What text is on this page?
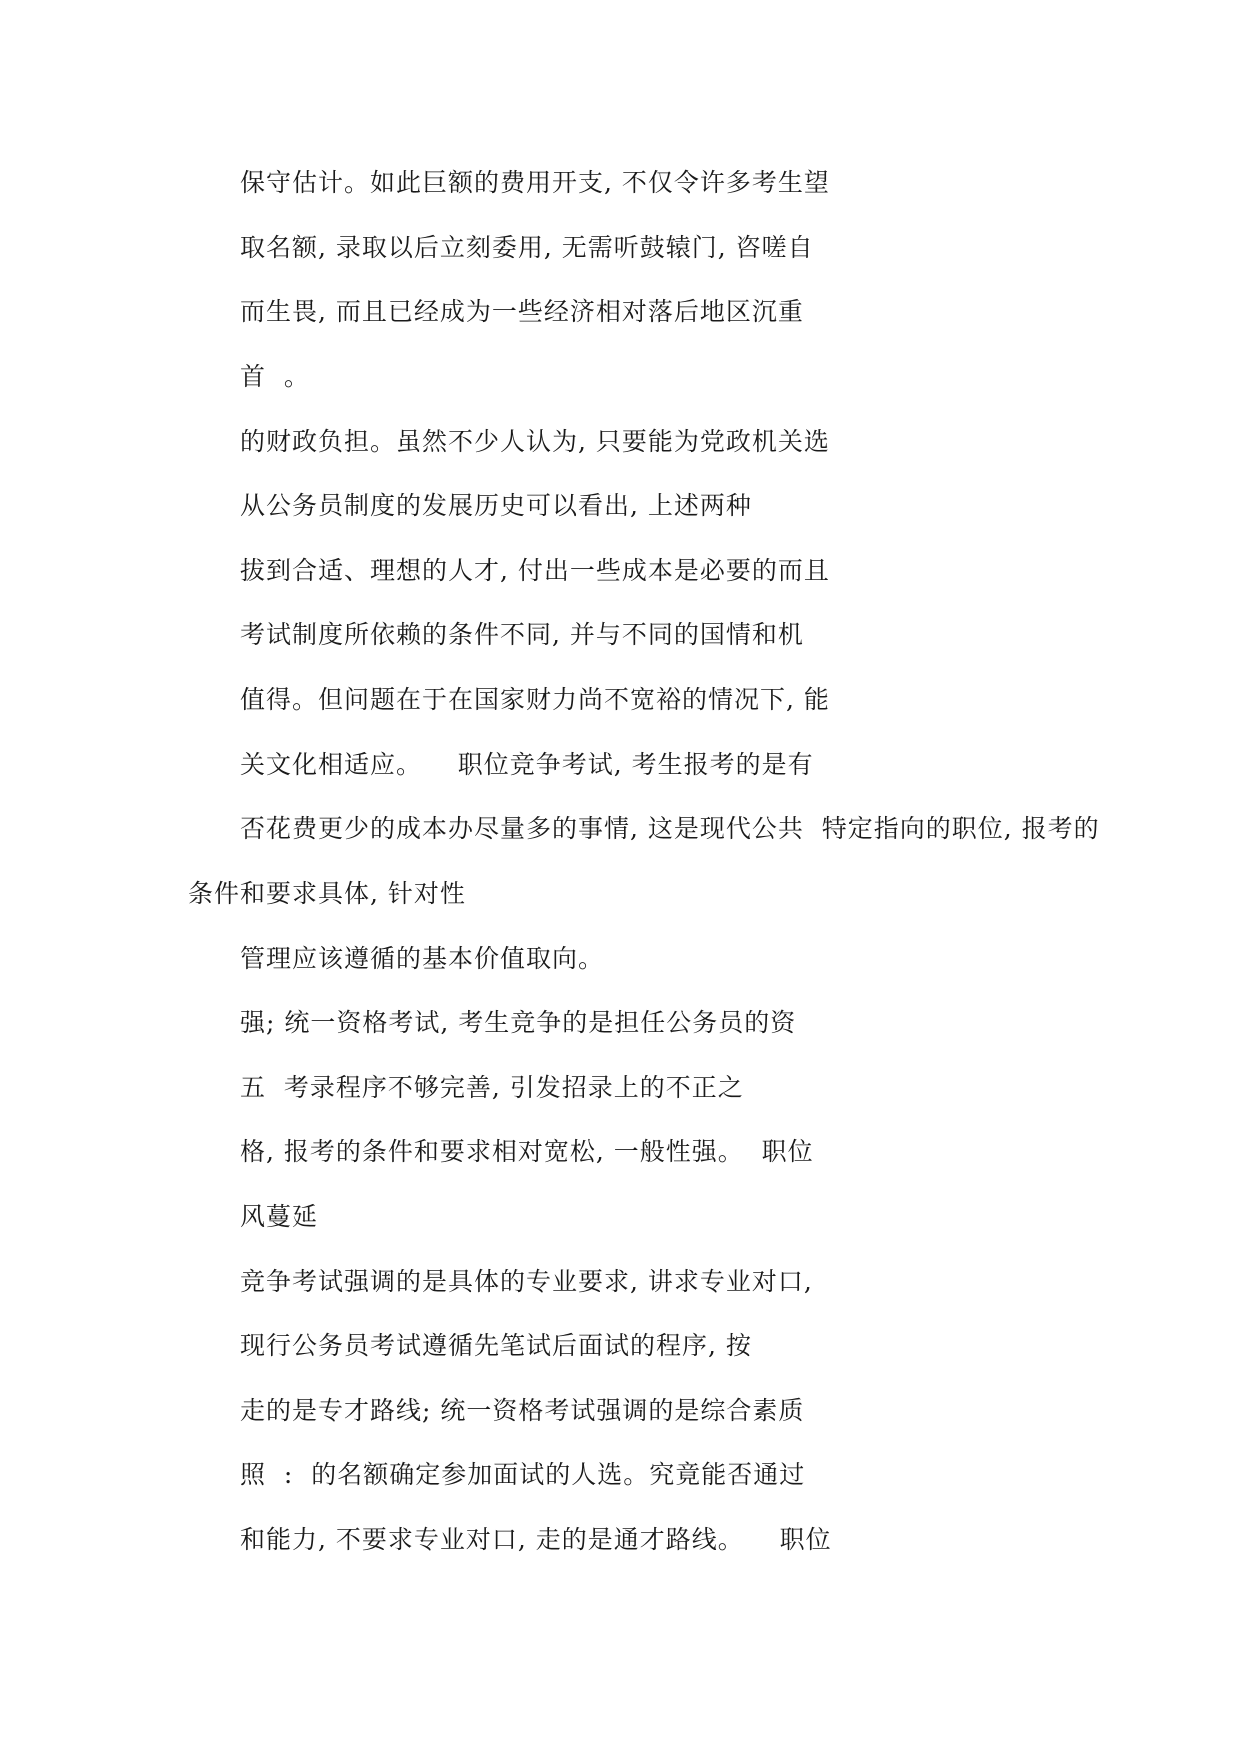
保守估计。如此巨额的费用开支, 不仅令许多考生望
取名额, 录取以后立刻委用, 无需听鼓辕门, 咨嗟自
而生畏, 而且已经成为一些经济相对落后地区沉重
首  。
的财政负担。虽然不少人认为, 只要能为党政机关选
从公务员制度的发展历史可以看出, 上述两种
拔到合适、理想的人才, 付出一些成本是必要的而且
考试制度所依赖的条件不同, 并与不同的国情和机
值得。但问题在于在国家财力尚不宽裕的情况下, 能
关文化相适应。    职位竞争考试, 考生报考的是有
否花费更少的成本办尽量多的事情, 这是现代公共  特定指向的职位, 报考的
条件和要求具体, 针对性
管理应该遵循的基本价值取向。
强; 统一资格考试, 考生竞争的是担任公务员的资
五  考录程序不够完善, 引发招录上的不正之
格, 报考的条件和要求相对宽松, 一般性强。  职位
风蔓延
竞争考试强调的是具体的专业要求, 讲求专业对口,
现行公务员考试遵循先笔试后面试的程序, 按
走的是专才路线; 统一资格考试强调的是综合素质
照  :  的名额确定参加面试的人选。究竟能否通过
和能力, 不要求专业对口, 走的是通才路线。    职位
